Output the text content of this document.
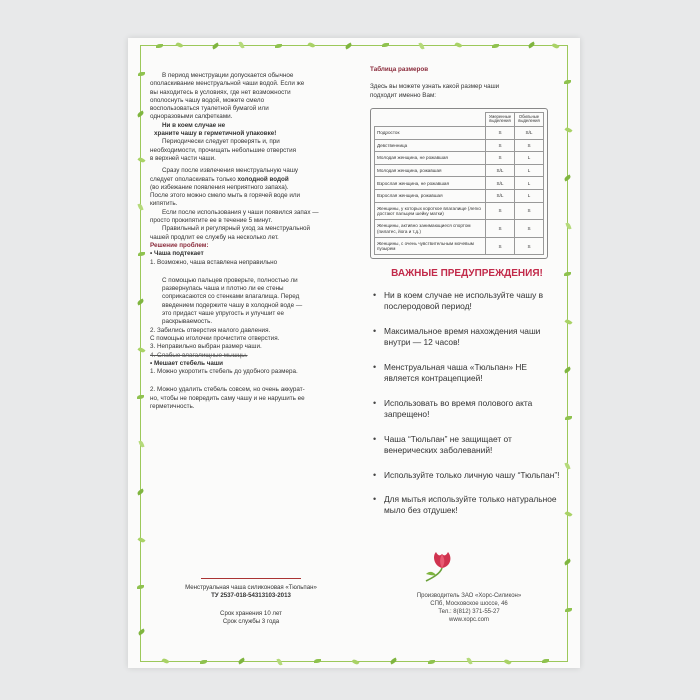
В период менструации допускается обычное

ополаскивание менструальной чаши водой. Если же

вы находитесь в условиях, где нет возможности

ополоснуть чашу водой, можете смело

воспользоваться туалетной бумагой или

одноразовыми салфетками.

Ни в коем случае не

храните чашу в герметичной упаковке!

Периодически следует проверять и, при

необходимости, прочищать небольшие отверстия

в верхней части чаши.

Сразу после извлечения менструальную чашу

следует ополаскивать только холодной водой

(во избежание появления неприятного запаха).

После этого можно смело мыть в горячей воде или

кипятить.

Если после использования у чаши появился запах —

просто прокипятите ее в течение 5 минут.

Правильный и регулярный уход за менструальной

чашей продлит ее службу на несколько лет.

Решение проблем:

• Чаша подтекает

1. Возможно, чаша вставлена неправильно

С помощью пальцев проверьте, полностью ли

развернулась чаша и плотно ли ее стены

соприкасаются со стенками влагалища. Перед

введением подержите чашу в холодной воде —

это придаст чаше упругость и улучшит ее

раскрываемость.

2. Забились отверстия малого давления.

С помощью иголочки прочистите отверстия.

3. Неправильно выбран размер чаши.

4. Слабые влагалищные мышцы.

• Мешает стебель чаши

1. Можно укоротить стебель до удобного размера.

2. Можно удалить стебель совсем, но очень аккурат-

но, чтобы не повредить саму чашу и не нарушить ее

герметичность.

Менструальная чаша силиконовая «Тюльпан»
ТУ 2537-018-54313103-2013
Срок хранения 10 лет
Срок службы 3 года

Таблица размеров

Здесь вы можете узнать какой размер чаши
подходит именно Вам:

	Умеренные выделения	Обильные выделения
Подросток	S	S/L
Девственница	S	S
Молодая женщина, не рожавшая	S	L
Молодая женщина, рожавшая	S/L	L
Взрослая женщина, не рожавшая	S/L	L
Взрослая женщина, рожавшая	S/L	L
Женщины, у которых короткое влагалище (легко достают пальцем шейку матки)	S	S
Женщины, активно занимающиеся спортом (пилатес, йога и т.д.)	S	S
Женщины, с очень чувствительным мочевым пузырем	S	S
ВАЖНЫЕ ПРЕДУПРЕЖДЕНИЯ!
• Ни в коем случае не используйте чашу в послеродовой период!
• Максимальное время нахождения чаши внутри — 12 часов!
• Менструальная чаша «Тюльпан» НЕ является контрацепцией!
• Использовать во время полового акта запрещено!
• Чаша “Тюльпан” не защищает от венерических заболеваний!
• Используйте только личную чашу “Тюльпан”!
• Для мытья используйте только натуральное мыло без отдушек!
Производитель ЗАО «Хорс-Силикон»
СПб, Московское шоссе, 46
Тел.: 8(812) 371-55-27
www.xopc.com
